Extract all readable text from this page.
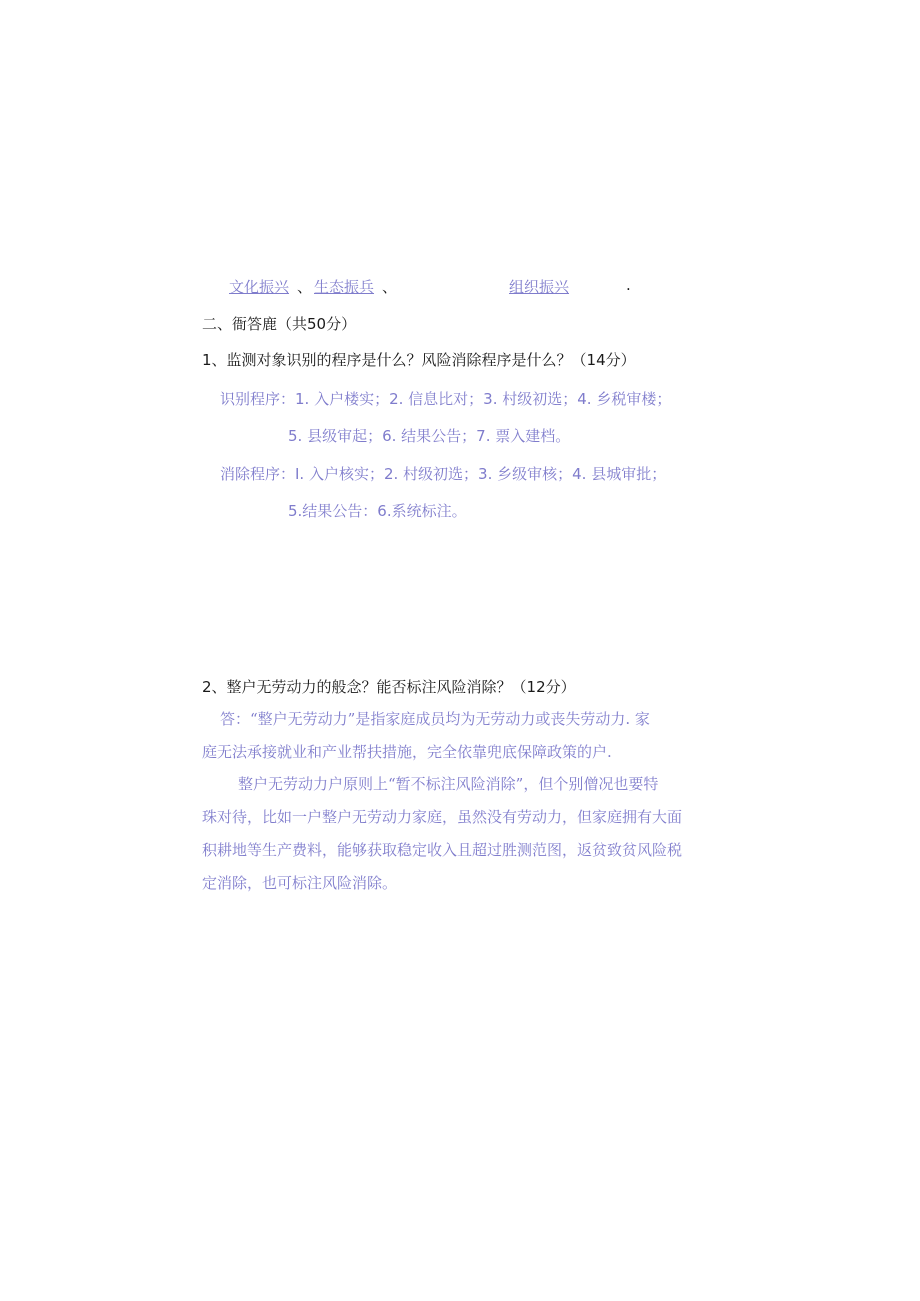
文化振兴 、 生态振兵 、	组织振兴	.
二、衙答鹿（共50分）
1、监测对象识别的程序是什么？风险消除程序是什么？（14分）
识别程序：1. 入户楼实；2. 信息比对；3. 村级初选；4. 乡税审楼；
5. 县级审起；6. 结果公告；7. 票入建档。
消除程序：I. 入户核实；2. 村级初选；3. 乡级审核；4. 县城审批；
5.结果公告：6.系统标注。
2、整户无劳动力的般念？能否标注风险消除？（12分）
答：“整户无劳动力”是指家庭成员均为无劳动力或丧失劳动力. 家
庭无法承接就业和产业帮扶措施，完全依靠兜底保障政策的户.
整户无劳动力户原则上“暂不标注风险消除”，但个别僧况也要特
珠对待，比如一户整户无劳动力家庭，虽然没有劳动力，但家庭拥有大面
积耕地等生产费料，能够获取稳定收入且超过胜测范图，返贫致贫风险税
定消除，也可标注风险消除。
